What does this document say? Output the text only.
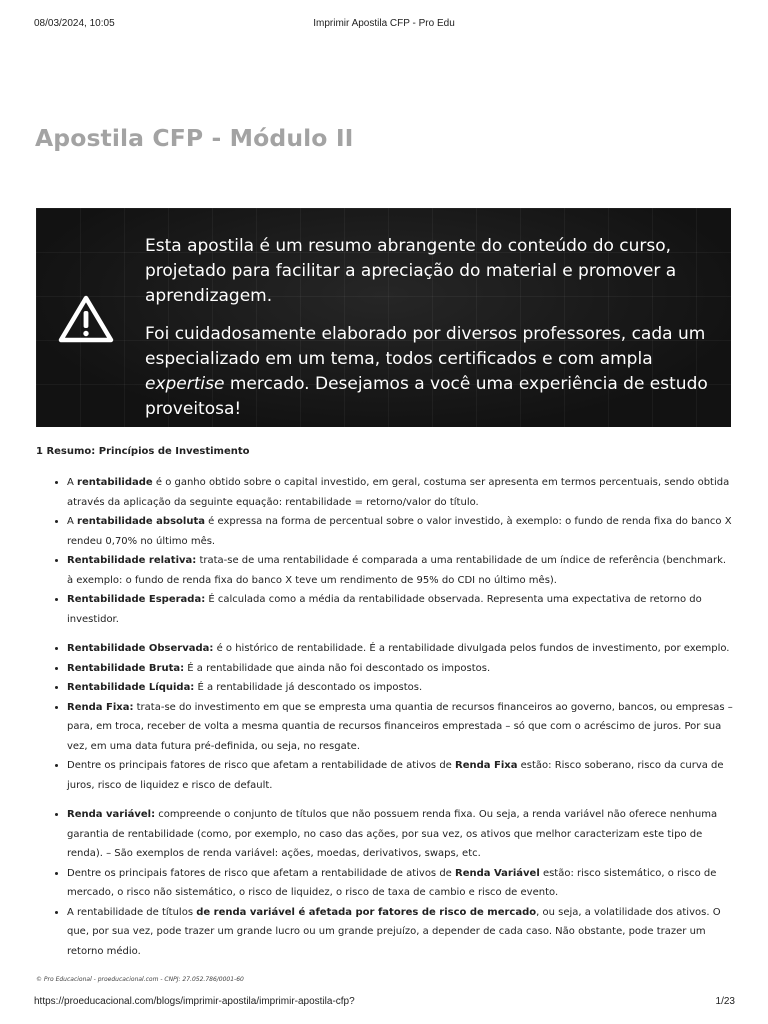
08/03/2024, 10:05	Imprimir Apostila CFP - Pro Edu
Apostila CFP - Módulo II

Esta apostila é um resumo abrangente do conteúdo do curso, projetado para facilitar a apreciação do material e promover a aprendizagem.

Foi cuidadosamente elaborado por diversos professores, cada um especializado em um tema, todos certificados e com ampla expertise mercado. Desejamos a você uma experiência de estudo proveitosa!

1 Resumo: Princípios de Investimento
• A rentabilidade é o ganho obtido sobre o capital investido, em geral, costuma ser apresenta em termos percentuais, sendo obtida através da aplicação da seguinte equação: rentabilidade = retorno/valor do título.
• A rentabilidade absoluta é expressa na forma de percentual sobre o valor investido, à exemplo: o fundo de renda fixa do banco X rendeu 0,70% no último mês.
• Rentabilidade relativa: trata-se de uma rentabilidade é comparada a uma rentabilidade de um índice de referência (benchmark. à exemplo: o fundo de renda fixa do banco X teve um rendimento de 95% do CDI no último mês).
• Rentabilidade Esperada: É calculada como a média da rentabilidade observada. Representa uma expectativa de retorno do investidor.
• Rentabilidade Observada: é o histórico de rentabilidade. É a rentabilidade divulgada pelos fundos de investimento, por exemplo.
• Rentabilidade Bruta: É a rentabilidade que ainda não foi descontado os impostos.
• Rentabilidade Líquida: É a rentabilidade já descontado os impostos.
• Renda Fixa: trata-se do investimento em que se empresta uma quantia de recursos financeiros ao governo, bancos, ou empresas – para, em troca, receber de volta a mesma quantia de recursos financeiros emprestada – só que com o acréscimo de juros. Por sua vez, em uma data futura pré-definida, ou seja, no resgate.
• Dentre os principais fatores de risco que afetam a rentabilidade de ativos de Renda Fixa estão: Risco soberano, risco da curva de juros, risco de liquidez e risco de default.
• Renda variável: compreende o conjunto de títulos que não possuem renda fixa. Ou seja, a renda variável não oferece nenhuma garantia de rentabilidade (como, por exemplo, no caso das ações, por sua vez, os ativos que melhor caracterizam este tipo de renda). – São exemplos de renda variável: ações, moedas, derivativos, swaps, etc.
• Dentre os principais fatores de risco que afetam a rentabilidade de ativos de Renda Variável estão: risco sistemático, o risco de mercado, o risco não sistemático, o risco de liquidez, o risco de taxa de cambio e risco de evento.
• A rentabilidade de títulos de renda variável é afetada por fatores de risco de mercado, ou seja, a volatilidade dos ativos. O que, por sua vez, pode trazer um grande lucro ou um grande prejuízo, a depender de cada caso. Não obstante, pode trazer um retorno médio.
© Pro Educacional - proeducacional.com - CNPJ: 27.052.786/0001-60
https://proeducacional.com/blogs/imprimir-apostila/imprimir-apostila-cfp?	1/23
